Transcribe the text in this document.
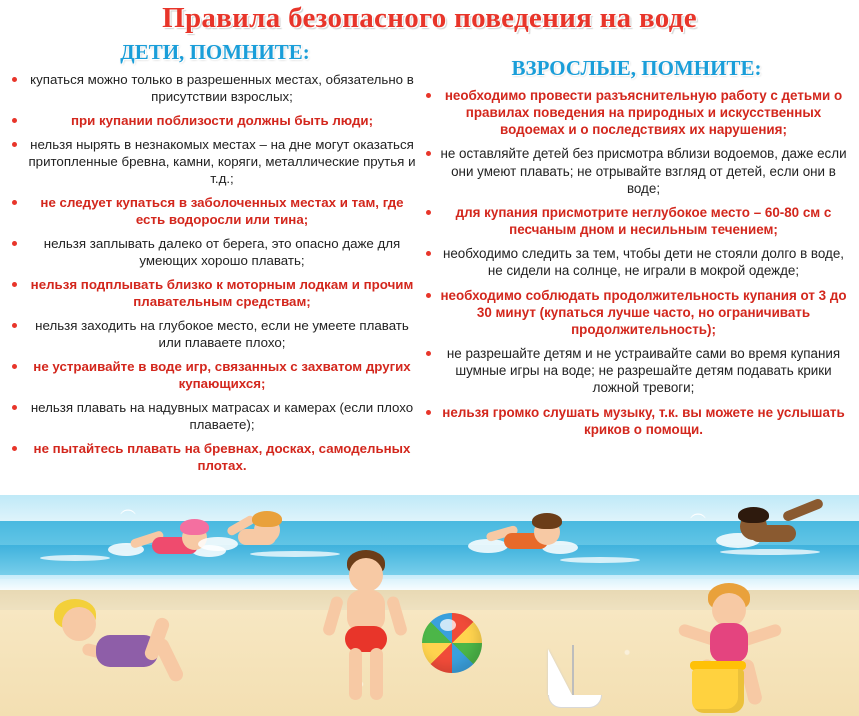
Правила безопасного поведения на воде
ДЕТИ, ПОМНИТЕ:
купаться можно только в разрешенных местах, обязательно в присутствии взрослых;
при купании поблизости должны быть люди;
нельзя нырять в незнакомых местах – на дне могут оказаться притопленные бревна, камни, коряги, металлические прутья и т.д.;
не следует купаться в заболоченных местах и там, где есть водоросли или тина;
нельзя заплывать далеко от берега, это опасно даже для умеющих хорошо плавать;
нельзя подплывать близко к моторным лодкам и прочим плавательным средствам;
нельзя заходить на глубокое место, если не умеете плавать или плаваете плохо;
не устраивайте в воде игр, связанных с захватом других купающихся;
нельзя плавать на надувных матрасах и камерах (если плохо плаваете);
не пытайтесь плавать на бревнах, досках, самодельных плотах.
ВЗРОСЛЫЕ, ПОМНИТЕ:
необходимо провести разъяснительную работу с детьми о правилах поведения на природных и искусственных водоемах и о последствиях их нарушения;
не оставляйте детей без присмотра вблизи водоемов, даже если они умеют плавать; не отрывайте взгляд от детей, если они в воде;
для купания присмотрите неглубокое место – 60-80 см с песчаным дном и несильным течением;
необходимо следить за тем, чтобы дети не стояли долго в воде, не сидели на солнце, не играли в мокрой одежде;
необходимо соблюдать продолжительность купания от 3 до 30 минут (купаться лучше часто, но ограничивать продолжительность);
не разрешайте детям и не устраивайте сами во время купания шумные игры на воде; не разрешайте детям подавать крики ложной тревоги;
нельзя громко слушать музыку, т.к. вы можете не услышать криков о помощи.
︵	︵
